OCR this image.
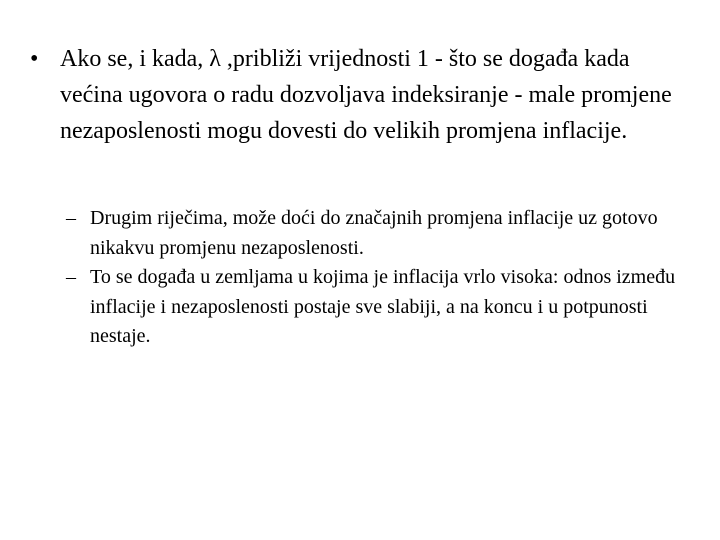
• Ako se, i kada, λ ,približi vrijednosti 1 - što se događa kada većina ugovora o radu dozvoljava indeksiranje - male promjene nezaposlenosti mogu dovesti do velikih promjena inflacije.
– Drugim riječima, može doći do značajnih promjena inflacije uz gotovo nikakvu promjenu nezaposlenosti.
– To se događa u zemljama u kojima je inflacija vrlo visoka: odnos između inflacije i nezaposlenosti postaje sve slabiji, a na koncu i u potpunosti nestaje.
